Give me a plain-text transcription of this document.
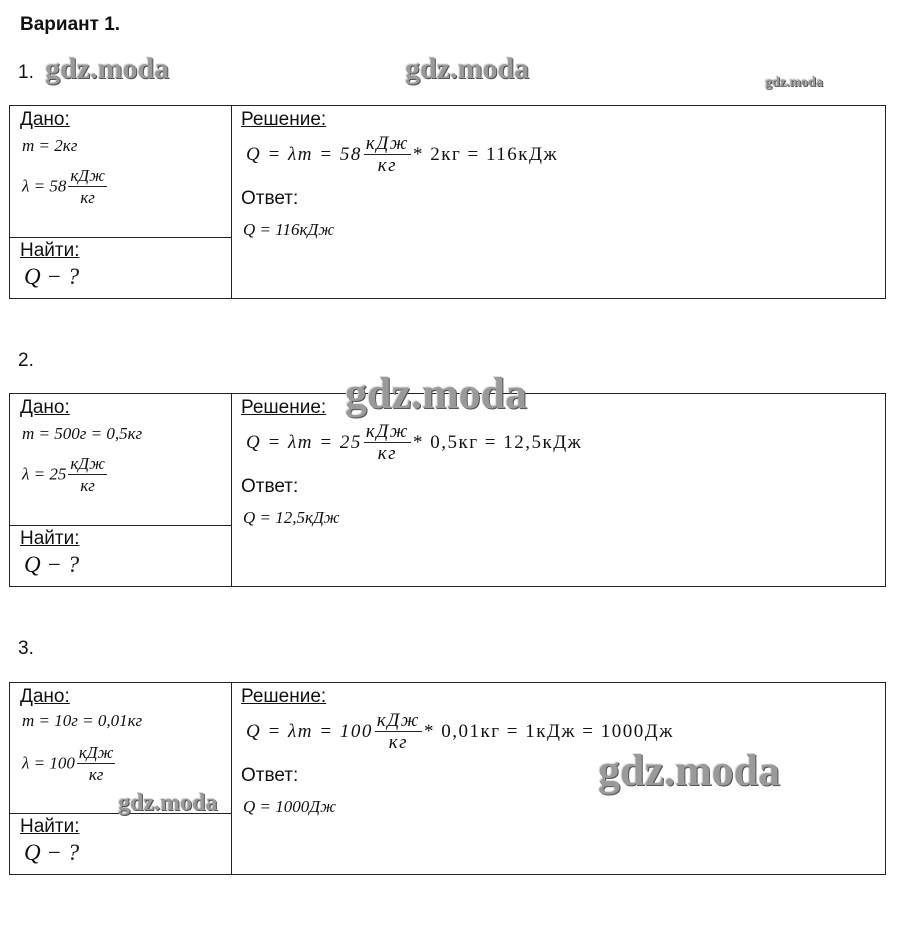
Вариант 1.
1.
Дано:
m = 2кг
$\lambda = 58 \frac{\text{кДж}}{кг}$
Найти:
Q − ?
Решение:
$Q = \lambda m = 58 \frac{\text{кДж}}{кг} * 2кг = 116кДж$
Ответ:
Q = 116кДж
2.
Дано:
m = 500г = 0,5кг
$\lambda = 25 \frac{\text{кДж}}{кг}$
Найти:
Q − ?
Решение:
$Q = \lambda m = 25 \frac{\text{кДж}}{кг} * 0,5кг = 12,5кДж$
Ответ:
Q = 12,5кДж
3.
Дано:
m = 10г = 0,01кг
$\lambda = 100 \frac{\text{кДж}}{кг}$
Найти:
Q − ?
Решение:
$Q = \lambda m = 100 \frac{\text{кДж}}{кг} * 0,01кг = 1кДж = 1000Дж$
Ответ:
Q = 1000Дж
gdz.moda	gdz.moda	gdz.moda
gdz.moda
gdz.moda
gdz.moda
